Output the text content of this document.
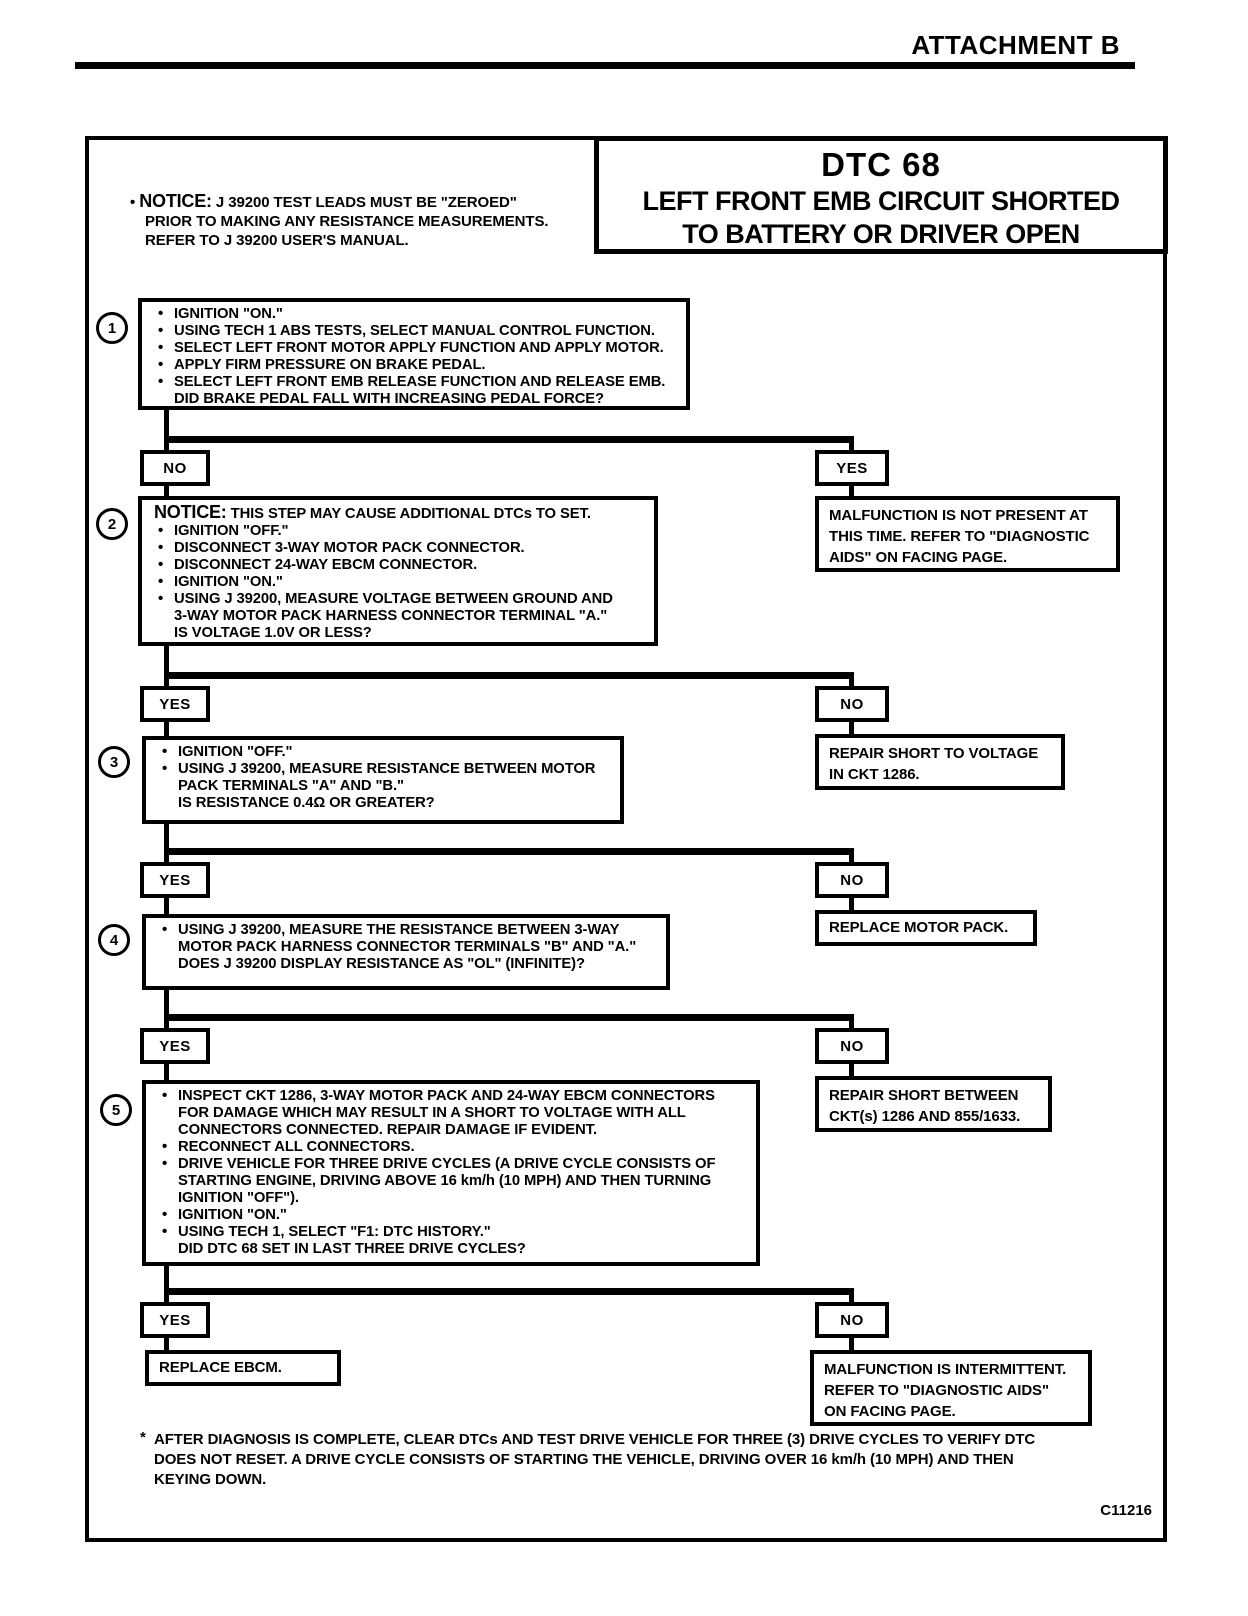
ATTACHMENT B
• NOTICE: J 39200 TEST LEADS MUST BE "ZEROED"
PRIOR TO MAKING ANY RESISTANCE MEASUREMENTS.
REFER TO J 39200 USER'S MANUAL.
DTC 68
LEFT FRONT EMB CIRCUIT SHORTED
TO BATTERY OR DRIVER OPEN
1
• IGNITION "ON."
• USING TECH 1 ABS TESTS, SELECT MANUAL CONTROL FUNCTION.
• SELECT LEFT FRONT MOTOR APPLY FUNCTION AND APPLY MOTOR.
• APPLY FIRM PRESSURE ON BRAKE PEDAL.
• SELECT LEFT FRONT EMB RELEASE FUNCTION AND RELEASE EMB.
DID BRAKE PEDAL FALL WITH INCREASING PEDAL FORCE?
NO	YES
MALFUNCTION IS NOT PRESENT AT
THIS TIME. REFER TO "DIAGNOSTIC
AIDS" ON FACING PAGE.
2
NOTICE: THIS STEP MAY CAUSE ADDITIONAL DTCs TO SET.
• IGNITION "OFF."
• DISCONNECT 3-WAY MOTOR PACK CONNECTOR.
• DISCONNECT 24-WAY EBCM CONNECTOR.
• IGNITION "ON."
• USING J 39200, MEASURE VOLTAGE BETWEEN GROUND AND
3-WAY MOTOR PACK HARNESS CONNECTOR TERMINAL "A."
IS VOLTAGE 1.0V OR LESS?
YES	NO
REPAIR SHORT TO VOLTAGE
IN CKT 1286.
3
• IGNITION "OFF."
• USING J 39200, MEASURE RESISTANCE BETWEEN MOTOR
PACK TERMINALS "A" AND "B."
IS RESISTANCE 0.4Ω OR GREATER?
YES	NO
REPLACE MOTOR PACK.
4
• USING J 39200, MEASURE THE RESISTANCE BETWEEN 3-WAY
MOTOR PACK HARNESS CONNECTOR TERMINALS "B" AND "A."
DOES J 39200 DISPLAY RESISTANCE AS "OL" (INFINITE)?
YES	NO
REPAIR SHORT BETWEEN
CKT(s) 1286 AND 855/1633.
5
• INSPECT CKT 1286, 3-WAY MOTOR PACK AND 24-WAY EBCM CONNECTORS
FOR DAMAGE WHICH MAY RESULT IN A SHORT TO VOLTAGE WITH ALL
CONNECTORS CONNECTED. REPAIR DAMAGE IF EVIDENT.
• RECONNECT ALL CONNECTORS.
• DRIVE VEHICLE FOR THREE DRIVE CYCLES (A DRIVE CYCLE CONSISTS OF
STARTING ENGINE, DRIVING ABOVE 16 km/h (10 MPH) AND THEN TURNING
IGNITION "OFF").
• IGNITION "ON."
• USING TECH 1, SELECT "F1: DTC HISTORY."
DID DTC 68 SET IN LAST THREE DRIVE CYCLES?
YES	NO
REPLACE EBCM.	MALFUNCTION IS INTERMITTENT.
REFER TO "DIAGNOSTIC AIDS"
ON FACING PAGE.
* AFTER DIAGNOSIS IS COMPLETE, CLEAR DTCs AND TEST DRIVE VEHICLE FOR THREE (3) DRIVE CYCLES TO VERIFY DTC
DOES NOT RESET. A DRIVE CYCLE CONSISTS OF STARTING THE VEHICLE, DRIVING OVER 16 km/h (10 MPH) AND THEN
KEYING DOWN.
C11216
